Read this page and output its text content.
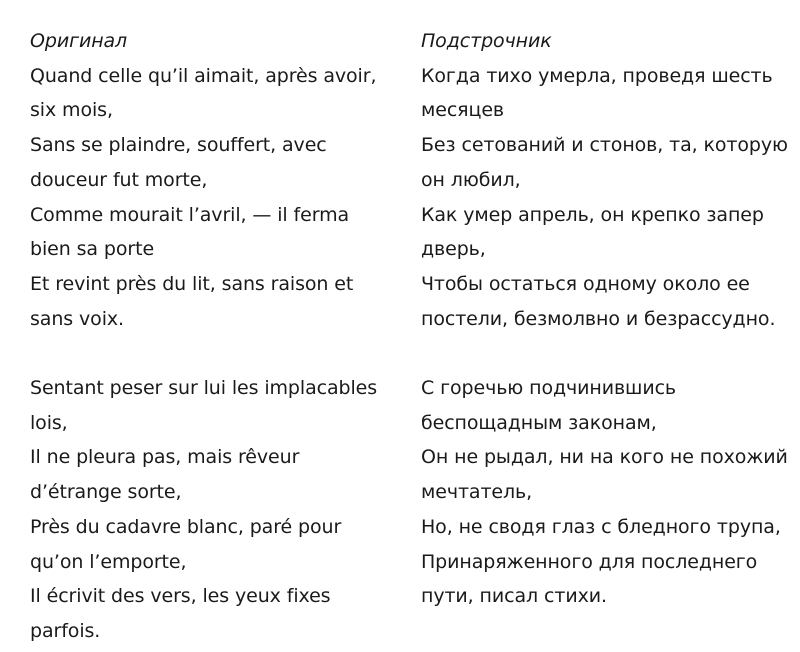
Оригинал

Quand celle qu’il aimait, après avoir,
six mois,
Sans se plaindre, souffert, avec
douceur fut morte,
Comme mourait l’avril, — il ferma
bien sa porte
Et revint près du lit, sans raison et
sans voix.

Sentant peser sur lui les implacables
lois,
Il ne pleura pas, mais rêveur
d’étrange sorte,
Près du cadavre blanc, paré pour
qu’on l’emporte,
Il écrivit des vers, les yeux fixes
parfois.

Подстрочник

Когда тихо умерла, проведя шесть
месяцев
Без сетований и стонов, та, которую
он любил,
Как умер апрель, он крепко запер
дверь,
Чтобы остаться одному около ее
постели, безмолвно и безрассудно.

С горечью подчинившись
беспощадным законам,
Он не рыдал, ни на кого не похожий
мечтатель,
Но, не сводя глаз с бледного трупа,
Принаряженного для последнего
пути, писал стихи.
